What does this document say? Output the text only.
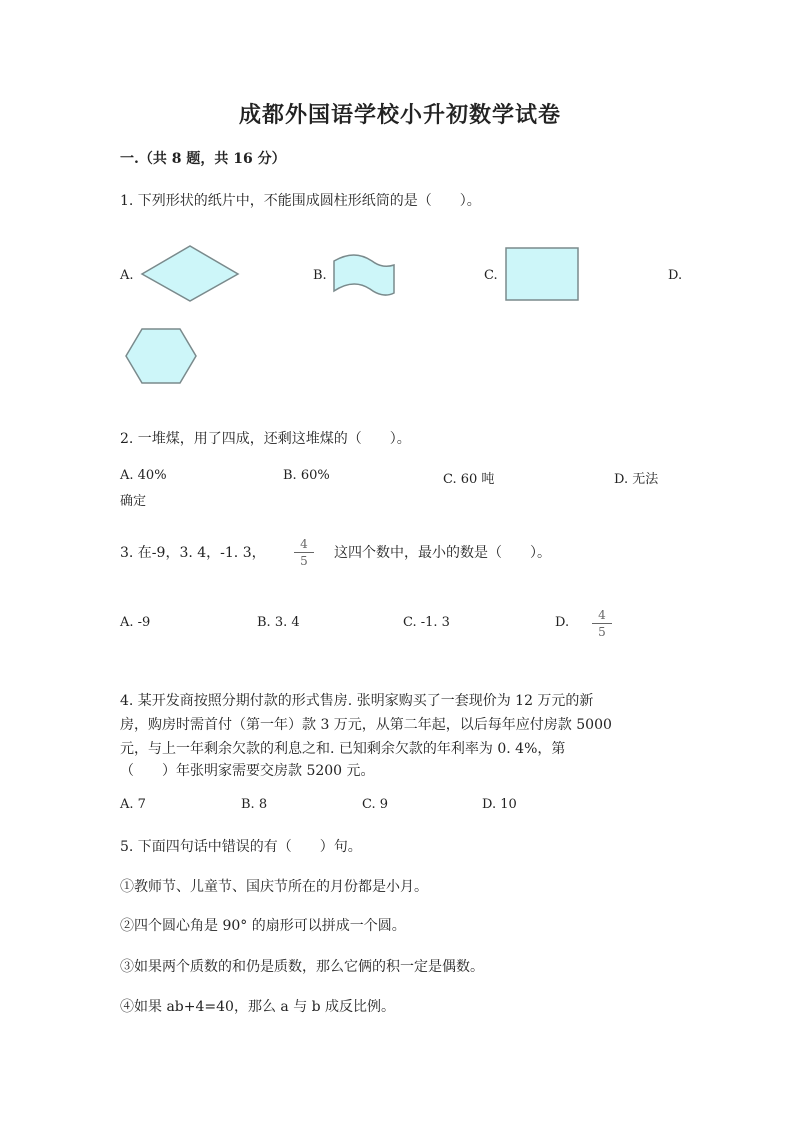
成都外国语学校小升初数学试卷
一.（共 8 题，共 16 分）
1. 下列形状的纸片中，不能围成圆柱形纸筒的是（　　）。
A.	B.	C.	D.
2. 一堆煤，用了四成，还剩这堆煤的（　　）。
A. 40%	B. 60%	C. 60 吨	D. 无法
确定
3. 在-9，3. 4，-1. 3， $\frac{4}{5}$ 这四个数中，最小的数是（　　）。
A. -9	B. 3. 4	C. -1. 3	D. $\frac{4}{5}$
4. 某开发商按照分期付款的形式售房. 张明家购买了一套现价为 12 万元的新
房，购房时需首付（第一年）款 3 万元，从第二年起，以后每年应付房款 5000
元，与上一年剩余欠款的利息之和. 已知剩余欠款的年利率为 0. 4%，第
（　　）年张明家需要交房款 5200 元。
A. 7	B. 8	C. 9	D. 10
5. 下面四句话中错误的有（　　）句。
①教师节、儿童节、国庆节所在的月份都是小月。
②四个圆心角是 90° 的扇形可以拼成一个圆。
③如果两个质数的和仍是质数，那么它俩的积一定是偶数。
④如果 ab+4=40，那么 a 与 b 成反比例。
